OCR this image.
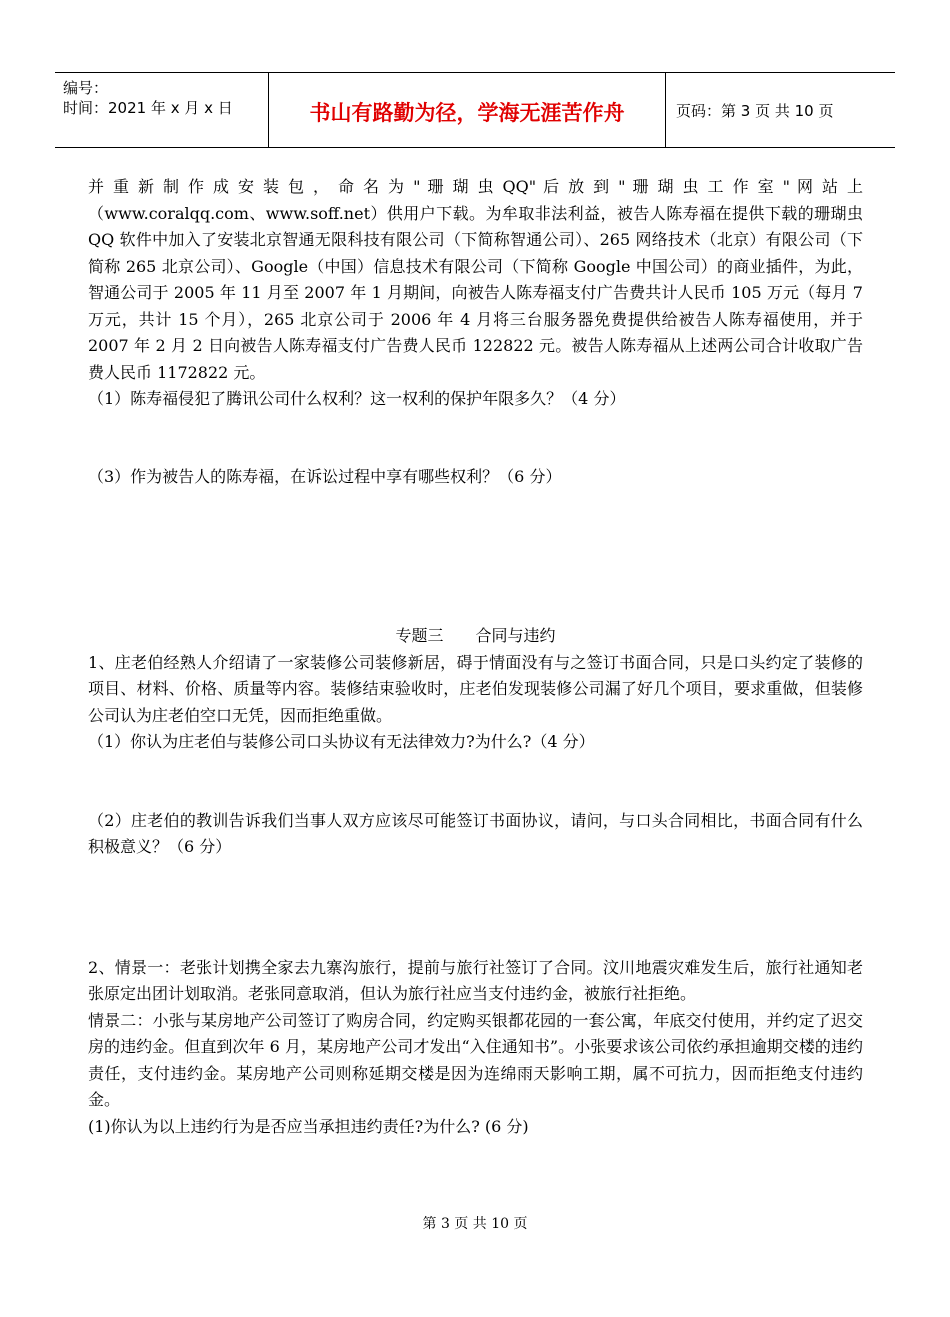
编号：
时间：2021 年 x 月 x 日	书山有路勤为径，学海无涯苦作舟	页码：第 3 页 共 10 页

并 重 新 制 作 成 安 装 包 ， 命 名 为 " 珊 瑚 虫 QQ" 后 放 到 " 珊 瑚 虫 工 作 室 " 网 站 上

（www.coralqq.com、www.soff.net）供用户下载。为牟取非法利益，被告人陈寿福在提供下载的珊瑚虫 QQ 软件中加入了安装北京智通无限科技有限公司（下简称智通公司）、265 网络技术（北京）有限公司（下简称 265 北京公司）、Google（中国）信息技术有限公司（下简称 Google 中国公司）的商业插件，为此，智通公司于 2005 年 11 月至 2007 年 1 月期间，向被告人陈寿福支付广告费共计人民币 105 万元（每月 7 万元，共计 15 个月），265 北京公司于 2006 年 4 月将三台服务器免费提供给被告人陈寿福使用，并于 2007 年 2 月 2 日向被告人陈寿福支付广告费人民币 122822 元。被告人陈寿福从上述两公司合计收取广告费人民币 1172822 元。

（1）陈寿福侵犯了腾讯公司什么权利？这一权利的保护年限多久？（4 分）

（3）作为被告人的陈寿福，在诉讼过程中享有哪些权利？（6 分）

专题三　　合同与违约

1、庄老伯经熟人介绍请了一家装修公司装修新居，碍于情面没有与之签订书面合同，只是口头约定了装修的项目、材料、价格、质量等内容。装修结束验收时，庄老伯发现装修公司漏了好几个项目，要求重做，但装修公司认为庄老伯空口无凭，因而拒绝重做。

（1）你认为庄老伯与装修公司口头协议有无法律效力?为什么?（4 分）

（2）庄老伯的教训告诉我们当事人双方应该尽可能签订书面协议，请问，与口头合同相比，书面合同有什么积极意义？（6 分）

2、情景一：老张计划携全家去九寨沟旅行，提前与旅行社签订了合同。汶川地震灾难发生后，旅行社通知老张原定出团计划取消。老张同意取消，但认为旅行社应当支付违约金，被旅行社拒绝。

情景二：小张与某房地产公司签订了购房合同，约定购买银都花园的一套公寓，年底交付使用，并约定了迟交房的违约金。但直到次年 6 月，某房地产公司才发出“入住通知书”。小张要求该公司依约承担逾期交楼的违约责任，支付违约金。某房地产公司则称延期交楼是因为连绵雨天影响工期，属不可抗力，因而拒绝支付违约金。

(1)你认为以上违约行为是否应当承担违约责任?为什么? (6 分)

第 3 页 共 10 页
